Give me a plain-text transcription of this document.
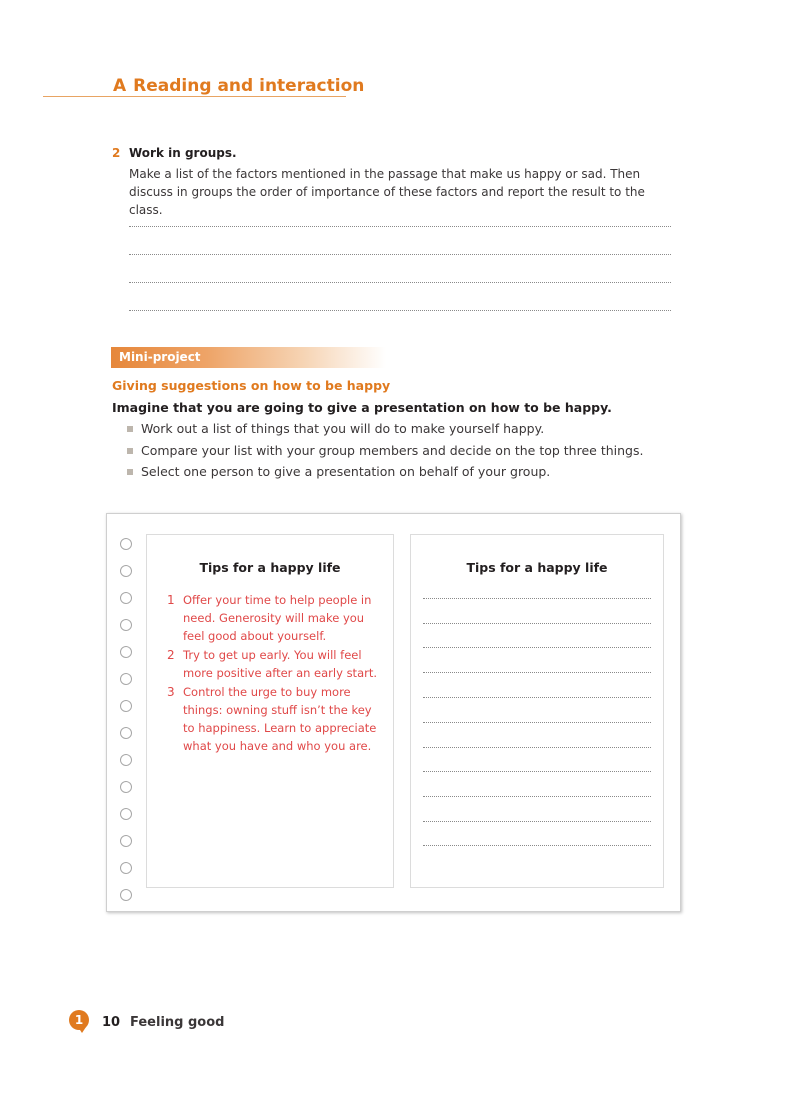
A Reading and interaction
2 Work in groups.
Make a list of the factors mentioned in the passage that make us happy or sad. Then discuss in groups the order of importance of these factors and report the result to the class.
Mini-project
Giving suggestions on how to be happy
Imagine that you are going to give a presentation on how to be happy.
Work out a list of things that you will do to make yourself happy.
Compare your list with your group members and decide on the top three things.
Select one person to give a presentation on behalf of your group.
Tips for a happy life
1 Offer your time to help people in need. Generosity will make you feel good about yourself.
2 Try to get up early. You will feel more positive after an early start.
3 Control the urge to buy more things: owning stuff isn’t the key to happiness. Learn to appreciate what you have and who you are.
Tips for a happy life
1	10 Feeling good
